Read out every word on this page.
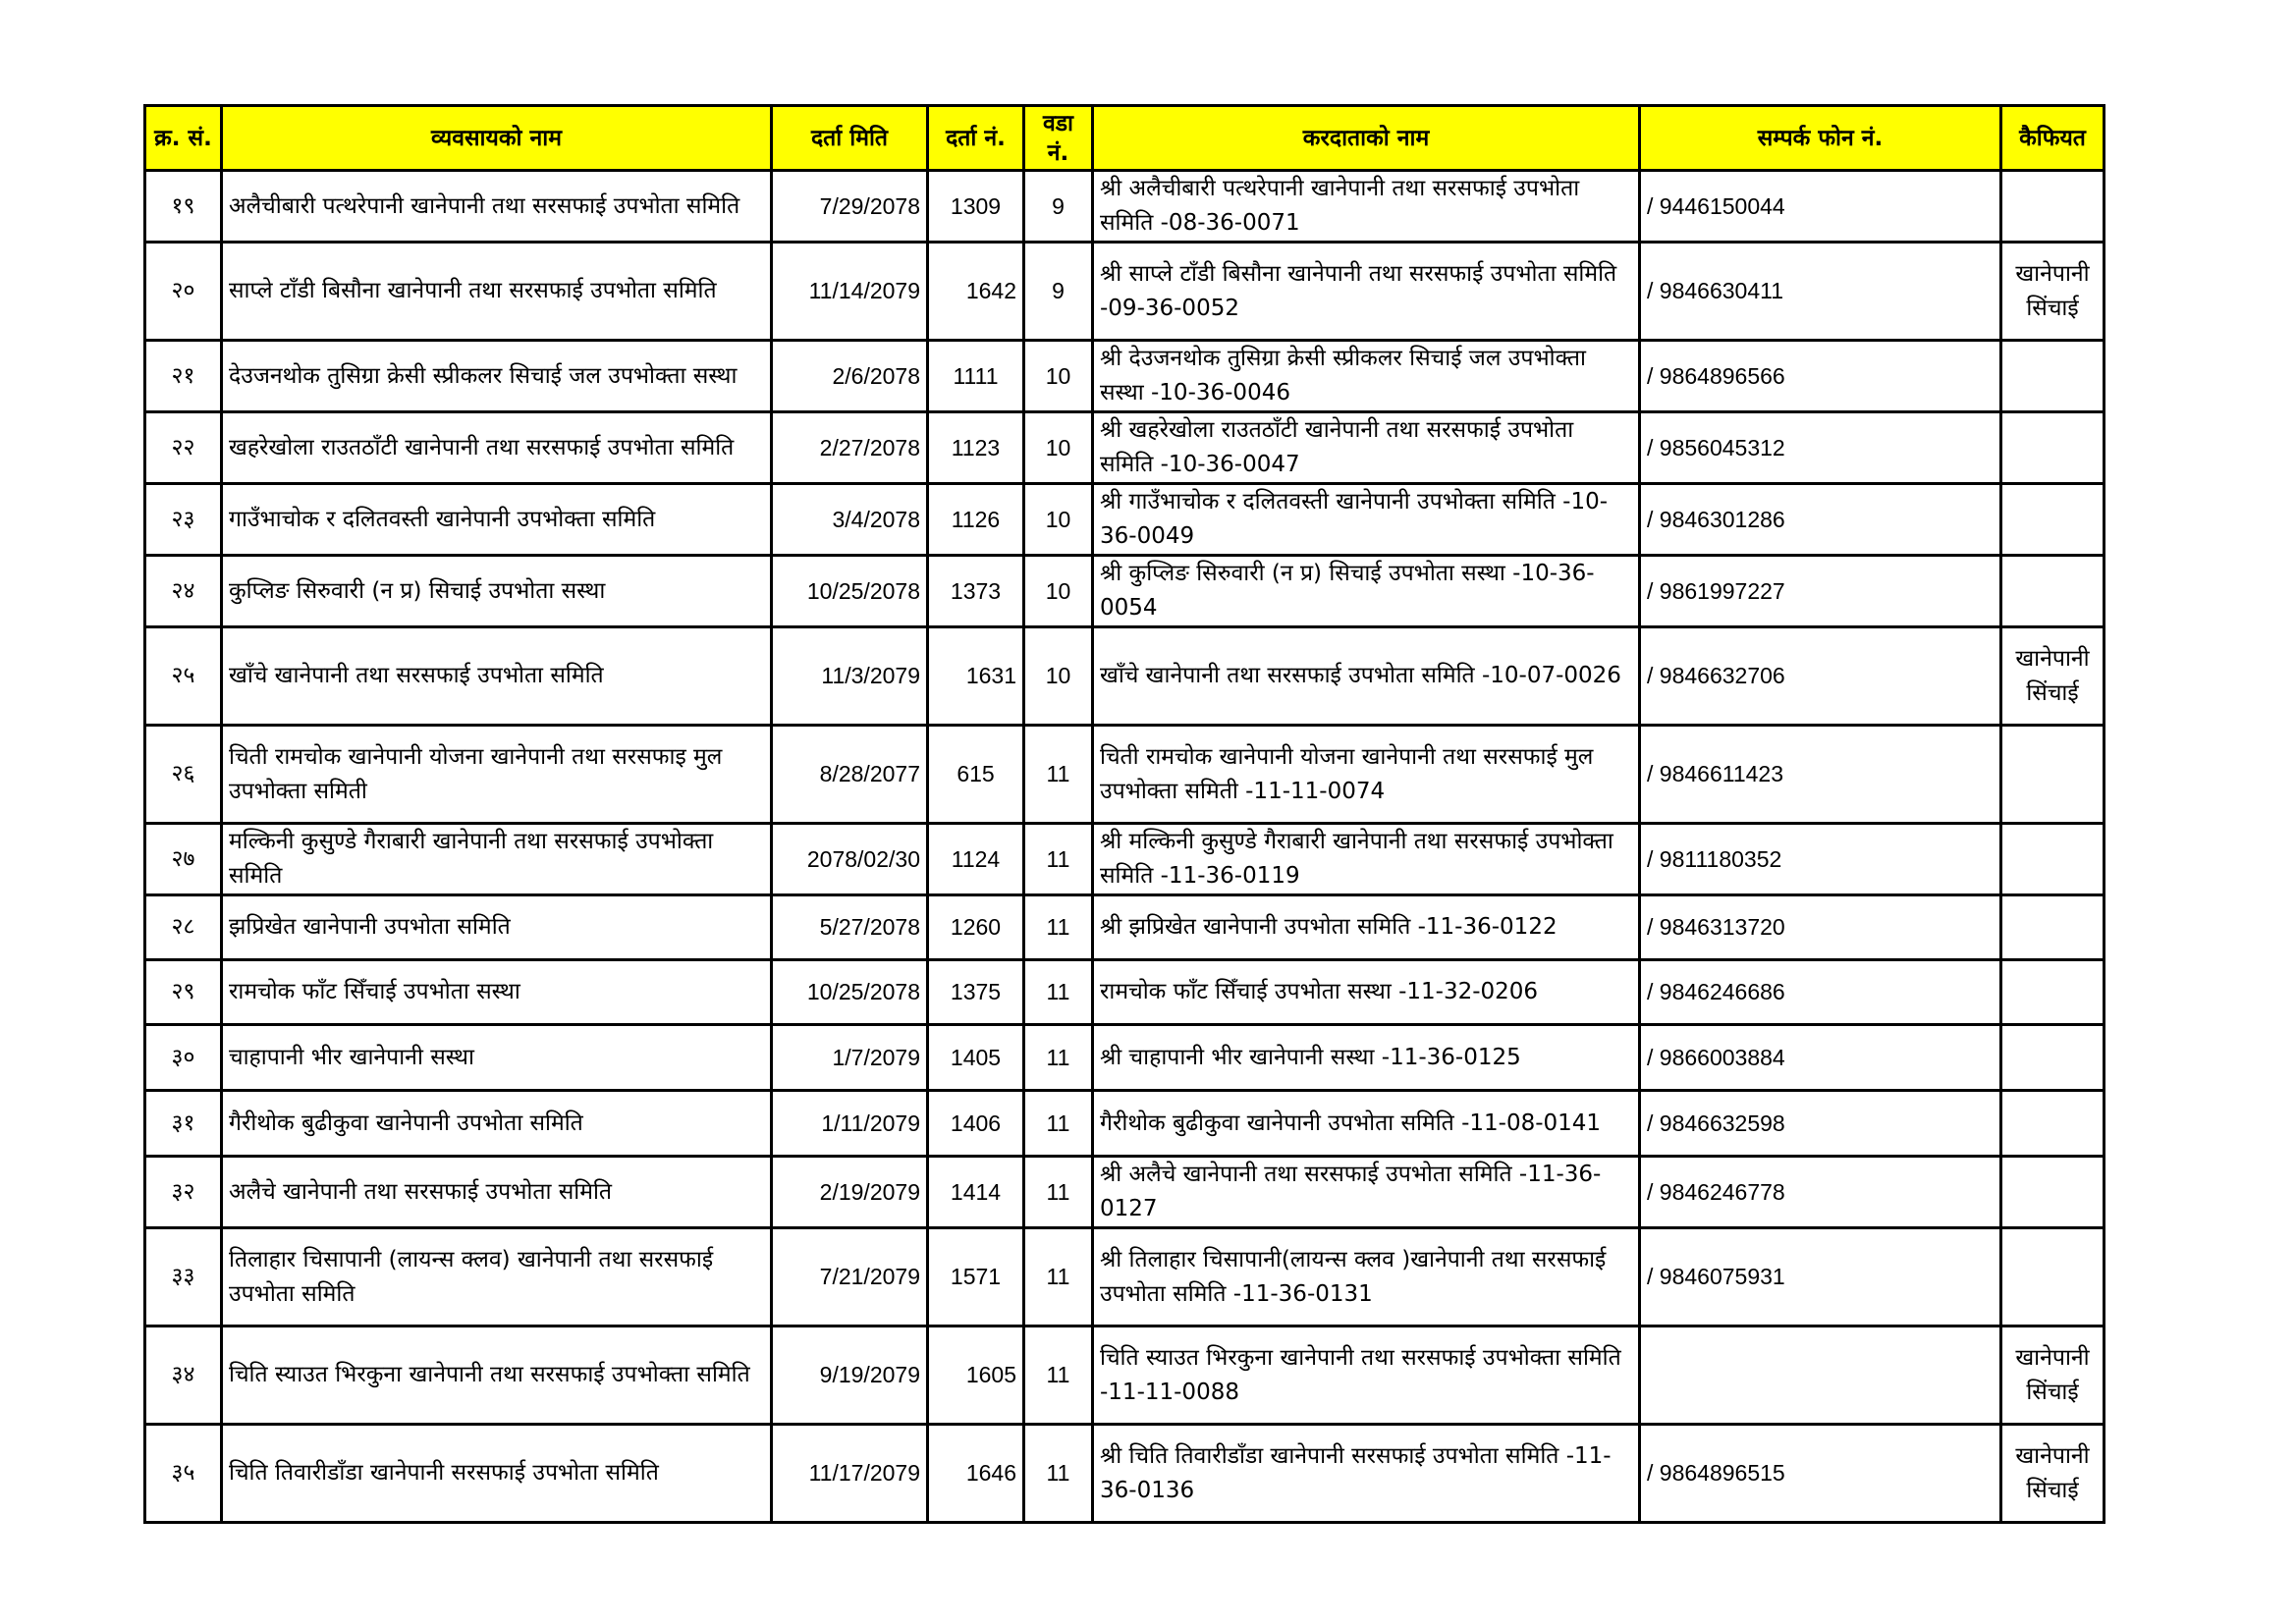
क्र. सं.	व्यवसायको नाम	दर्ता मिति	दर्ता नं.	वडा नं.	करदाताको नाम	सम्पर्क फोन नं.	कैफियत
१९	अलैचीबारी पत्थरेपानी खानेपानी तथा सरसफाई उपभोता समिति	7/29/2078	1309	9	श्री अलैचीबारी पत्थरेपानी खानेपानी तथा सरसफाई उपभोता समिति -08-36-0071	/ 9446150044	
२०	साप्ले टाँडी बिसौना खानेपानी तथा सरसफाई उपभोता समिति	11/14/2079	1642	9	श्री साप्ले टाँडी बिसौना खानेपानी तथा सरसफाई उपभोता समिति -09-36-0052	/ 9846630411	खानेपानी सिंचाई
२१	देउजनथोक तुसिग्रा क्रेसी स्प्रीकलर सिचाई जल उपभोक्ता सस्था	2/6/2078	1111	10	श्री देउजनथोक तुसिग्रा क्रेसी स्प्रीकलर सिचाई जल उपभोक्ता सस्था -10-36-0046	/ 9864896566	
२२	खहरेखोला राउतठाँटी खानेपानी तथा सरसफाई उपभोता समिति	2/27/2078	1123	10	श्री खहरेखोला राउतठाँटी खानेपानी तथा सरसफाई उपभोता समिति -10-36-0047	/ 9856045312	
२३	गाउँभाचोक र दलितवस्ती खानेपानी उपभोक्ता समिति	3/4/2078	1126	10	श्री गाउँभाचोक र दलितवस्ती खानेपानी उपभोक्ता समिति -10-36-0049	/ 9846301286	
२४	कुप्लिङ सिरुवारी (न प्र) सिचाई उपभोता सस्था	10/25/2078	1373	10	श्री कुप्लिङ सिरुवारी (न प्र) सिचाई उपभोता सस्था -10-36-0054	/ 9861997227	
२५	खाँचे खानेपानी तथा सरसफाई उपभोता समिति	11/3/2079	1631	10	खाँचे खानेपानी तथा सरसफाई उपभोता समिति -10-07-0026	/ 9846632706	खानेपानी सिंचाई
२६	चिती रामचोक खानेपानी योजना खानेपानी तथा सरसफाइ मुल उपभोक्ता समिती	8/28/2077	615	11	चिती रामचोक खानेपानी योजना खानेपानी तथा सरसफाई मुल उपभोक्ता समिती -11-11-0074	/ 9846611423	
२७	मल्किनी कुसुण्डे गैराबारी खानेपानी तथा सरसफाई उपभोक्ता समिति	2078/02/30	1124	11	श्री मल्किनी कुसुण्डे गैराबारी खानेपानी तथा सरसफाई उपभोक्ता समिति -11-36-0119	/ 9811180352	
२८	झप्रिखेत खानेपानी उपभोता समिति	5/27/2078	1260	11	श्री झप्रिखेत खानेपानी उपभोता समिति -11-36-0122	/ 9846313720	
२९	रामचोक फाँट सिँचाई उपभोता सस्था	10/25/2078	1375	11	रामचोक फाँट सिँचाई उपभोता सस्था -11-32-0206	/ 9846246686	
३०	चाहापानी भीर खानेपानी सस्था	1/7/2079	1405	11	श्री चाहापानी भीर खानेपानी सस्था -11-36-0125	/ 9866003884	
३१	गैरीथोक बुढीकुवा खानेपानी उपभोता समिति	1/11/2079	1406	11	गैरीथोक बुढीकुवा खानेपानी उपभोता समिति -11-08-0141	/ 9846632598	
३२	अलैचे खानेपानी तथा सरसफाई उपभोता समिति	2/19/2079	1414	11	श्री अलैचे खानेपानी तथा सरसफाई उपभोता समिति -11-36-0127	/ 9846246778	
३३	तिलाहार चिसापानी (लायन्स क्लव) खानेपानी तथा सरसफाई उपभोता समिति	7/21/2079	1571	11	श्री तिलाहार चिसापानी(लायन्स क्लव )खानेपानी तथा सरसफाई उपभोता समिति -11-36-0131	/ 9846075931	
३४	चिति स्याउत भिरकुना खानेपानी तथा सरसफाई उपभोक्ता समिति	9/19/2079	1605	11	चिति स्याउत भिरकुना खानेपानी तथा सरसफाई उपभोक्ता समिति -11-11-0088		खानेपानी सिंचाई
३५	चिति तिवारीडाँडा खानेपानी सरसफाई उपभोता समिति	11/17/2079	1646	11	श्री चिति तिवारीडाँडा खानेपानी सरसफाई उपभोता समिति -11-36-0136	/ 9864896515	खानेपानी सिंचाई
